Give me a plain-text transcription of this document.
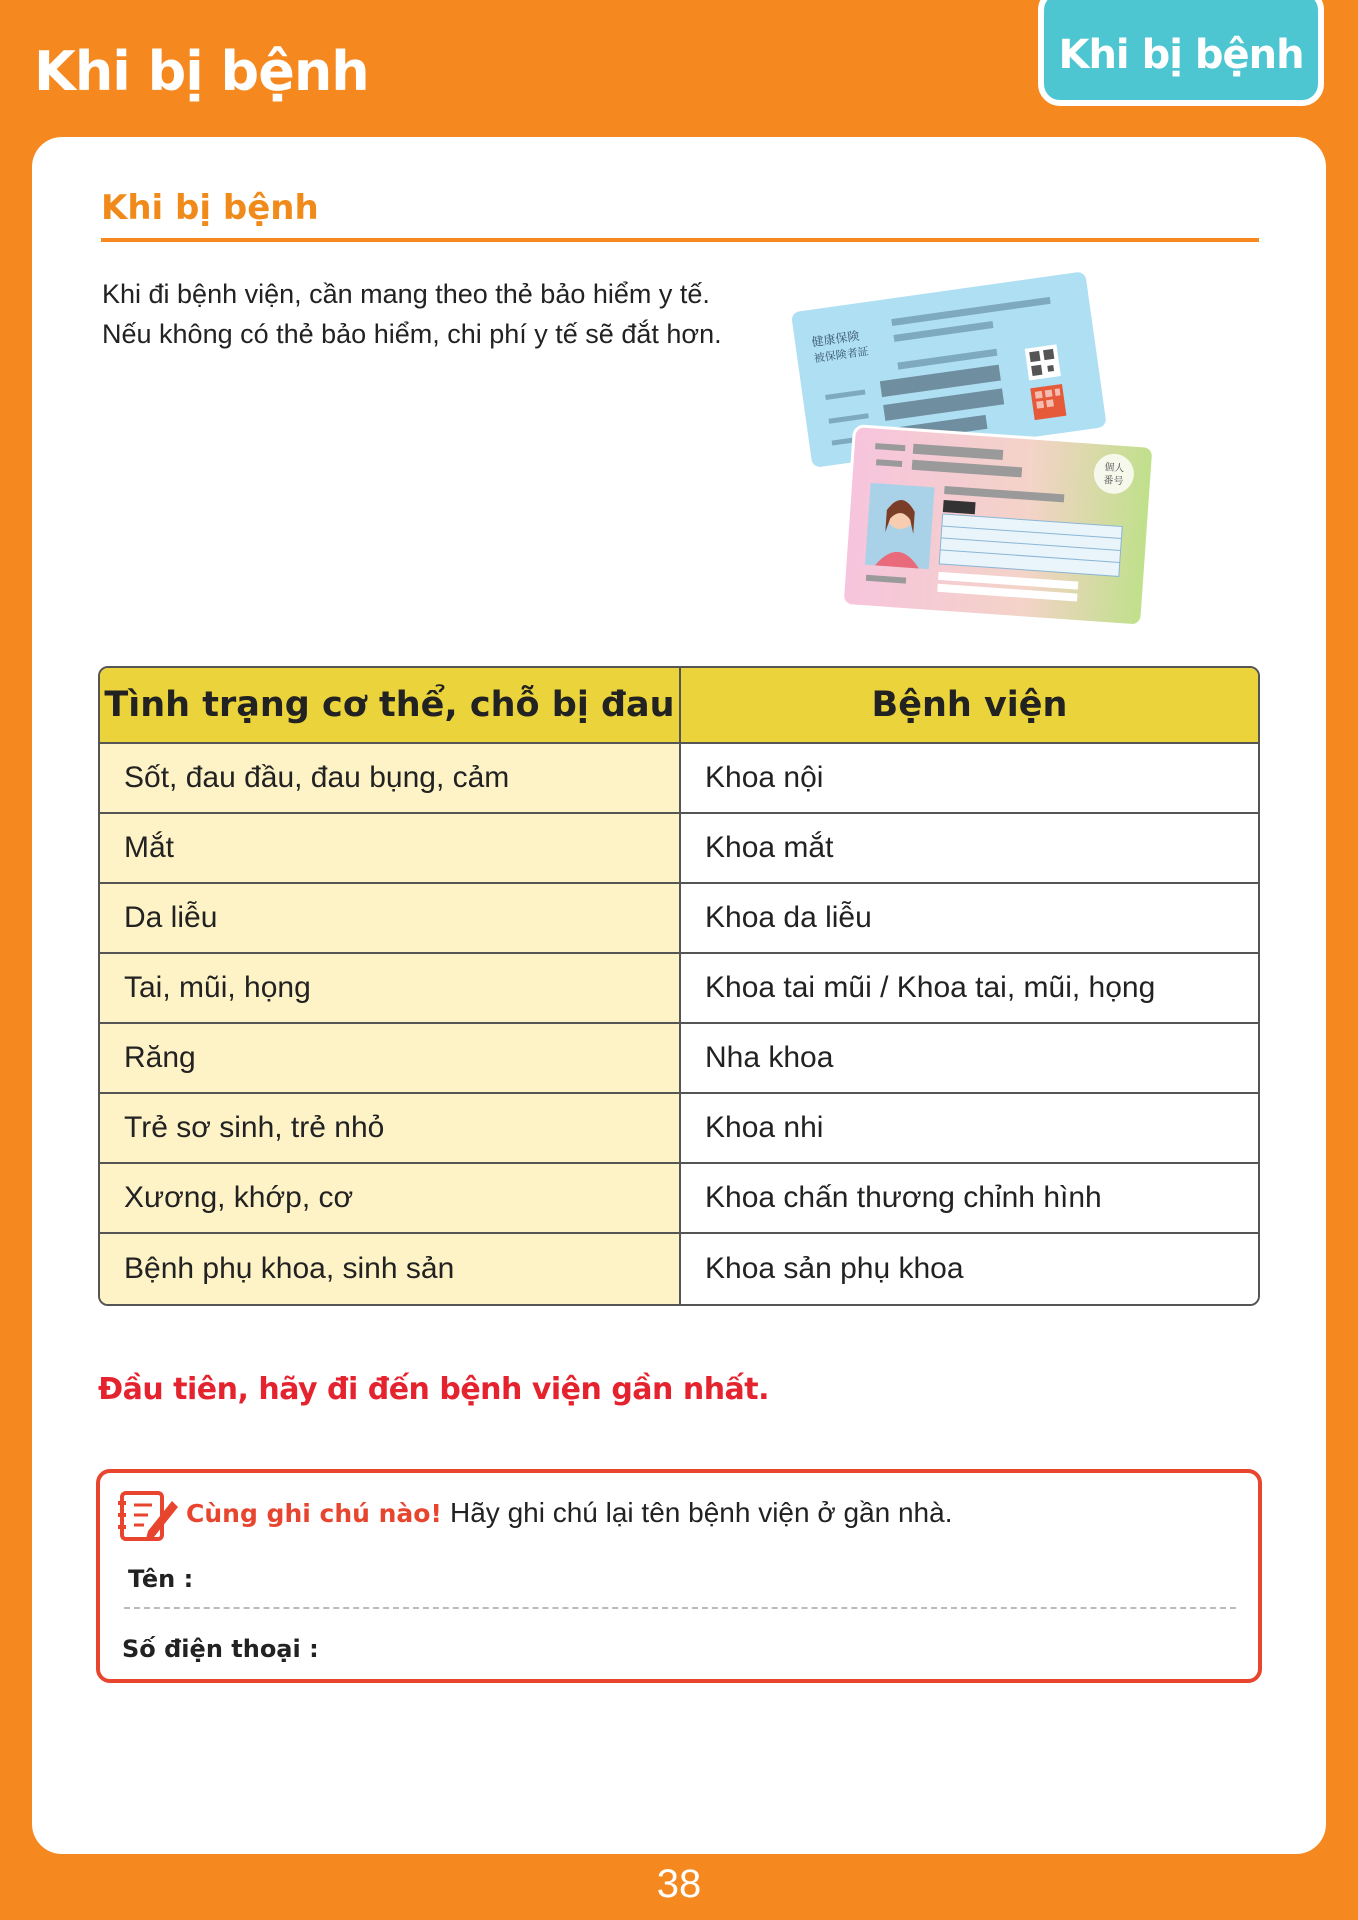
Khi bị bệnh	Khi bị bệnh
Khi bị bệnh
Khi đi bệnh viện, cần mang theo thẻ bảo hiểm y tế.
Nếu không có thẻ bảo hiểm, chi phí y tế sẽ đắt hơn.	健康保険
被保険者証
個人
番号
Tình trạng cơ thể, chỗ bị đau	Bệnh viện
Sốt, đau đầu, đau bụng, cảm	Khoa nội
Mắt	Khoa mắt
Da liễu	Khoa da liễu
Tai, mũi, họng	Khoa tai mũi / Khoa tai, mũi, họng
Răng	Nha khoa
Trẻ sơ sinh, trẻ nhỏ	Khoa nhi
Xương, khớp, cơ	Khoa chấn thương chỉnh hình
Bệnh phụ khoa, sinh sản	Khoa sản phụ khoa
Đầu tiên, hãy đi đến bệnh viện gần nhất.
Cùng ghi chú nào! Hãy ghi chú lại tên bệnh viện ở gần nhà.
Tên :
Số điện thoại :
38
